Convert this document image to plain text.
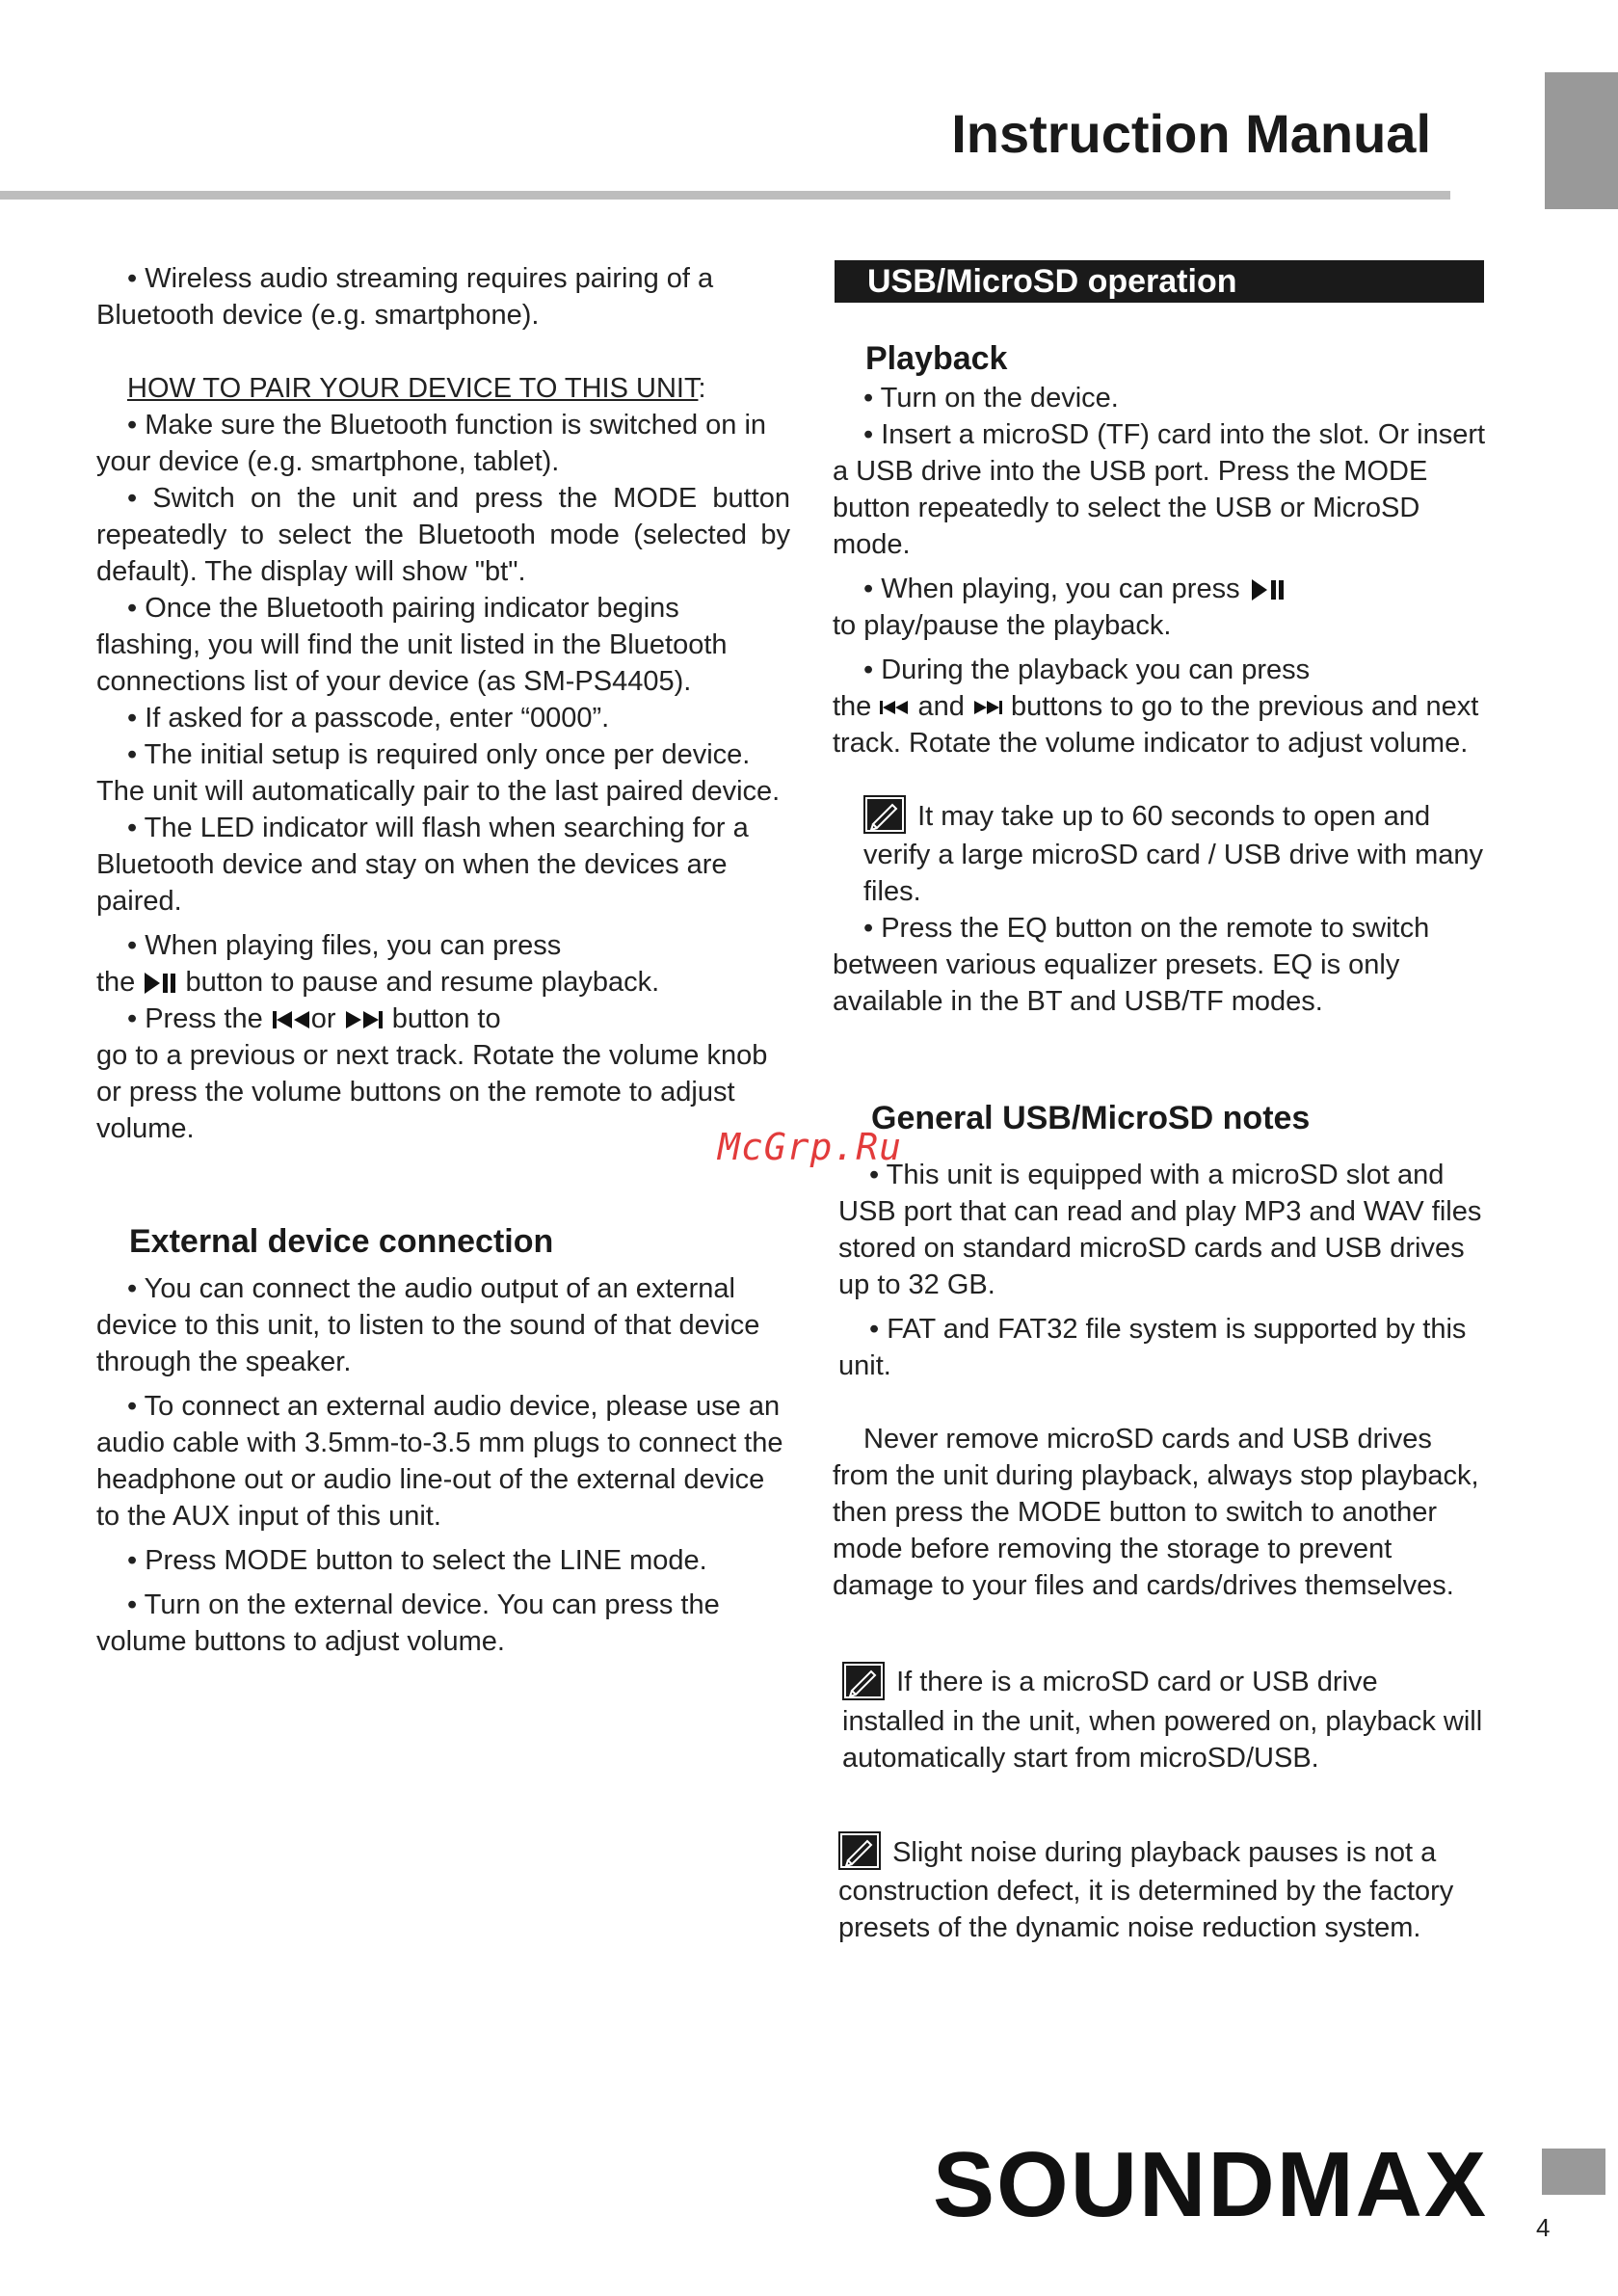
Instruction Manual

• Wireless audio streaming requires pairing of a Bluetooth device (e.g. smartphone).

HOW TO PAIR YOUR DEVICE TO THIS UNIT:

• Make sure the Bluetooth function is switched on in your device (e.g. smartphone, tablet).

• Switch on the unit and press the MODE button repeatedly to select the Bluetooth mode (selected by default). The display will show "bt".

• Once the Bluetooth pairing indicator begins flashing, you will find the unit listed in the Bluetooth connections list of your device (as SM-PS4405).

• If asked for a passcode, enter “0000”.

• The initial setup is required only once per device. The unit will automatically pair to the last paired device.

• The LED indicator will flash when searching for a Bluetooth device and stay on when the devices are paired.

• When playing files, you can press
the button to pause and resume playback.

• Press the or button to
go to a previous or next track. Rotate the volume knob or press the volume buttons on the remote to adjust volume.

External device connection

• You can connect the audio output of an external device to this unit, to listen to the sound of that device through the speaker.

• To connect an external audio device, please use an audio cable with 3.5mm-to-3.5 mm plugs to connect the headphone out or audio line-out of the external device to the AUX input of this unit.

• Press MODE button to select the LINE mode.

• Turn on the external device. You can press the volume buttons to adjust volume.

USB/MicroSD operation

Playback

• Turn on the device.

• Insert a microSD (TF) card into the slot. Or insert a USB drive into the USB port. Press the MODE button repeatedly to select the USB or MicroSD mode.

• When playing, you can press
to play/pause the playback.

• During the playback you can press
the and buttons to go to the previous and next track. Rotate the volume indicator to adjust volume.

It may take up to 60 seconds to open and verify a large microSD card / USB drive with many files.

• Press the EQ button on the remote to switch between various equalizer presets. EQ is only available in the BT and USB/TF modes.

General USB/MicroSD notes

• This unit is equipped with a microSD slot and USB port that can read and play MP3 and WAV files stored on standard microSD cards and USB drives up to 32 GB.

• FAT and FAT32 file system is supported by this unit.

Never remove microSD cards and USB drives from the unit during playback, always stop playback, then press the MODE button to switch to another mode before removing the storage to prevent damage to your files and cards/drives themselves.

If there is a microSD card or USB drive installed in the unit, when powered on, playback will automatically start from microSD/USB.

Slight noise during playback pauses is not a construction defect, it is determined by the factory presets of the dynamic noise reduction system.

McGrp.Ru
SOUNDMAX 4
